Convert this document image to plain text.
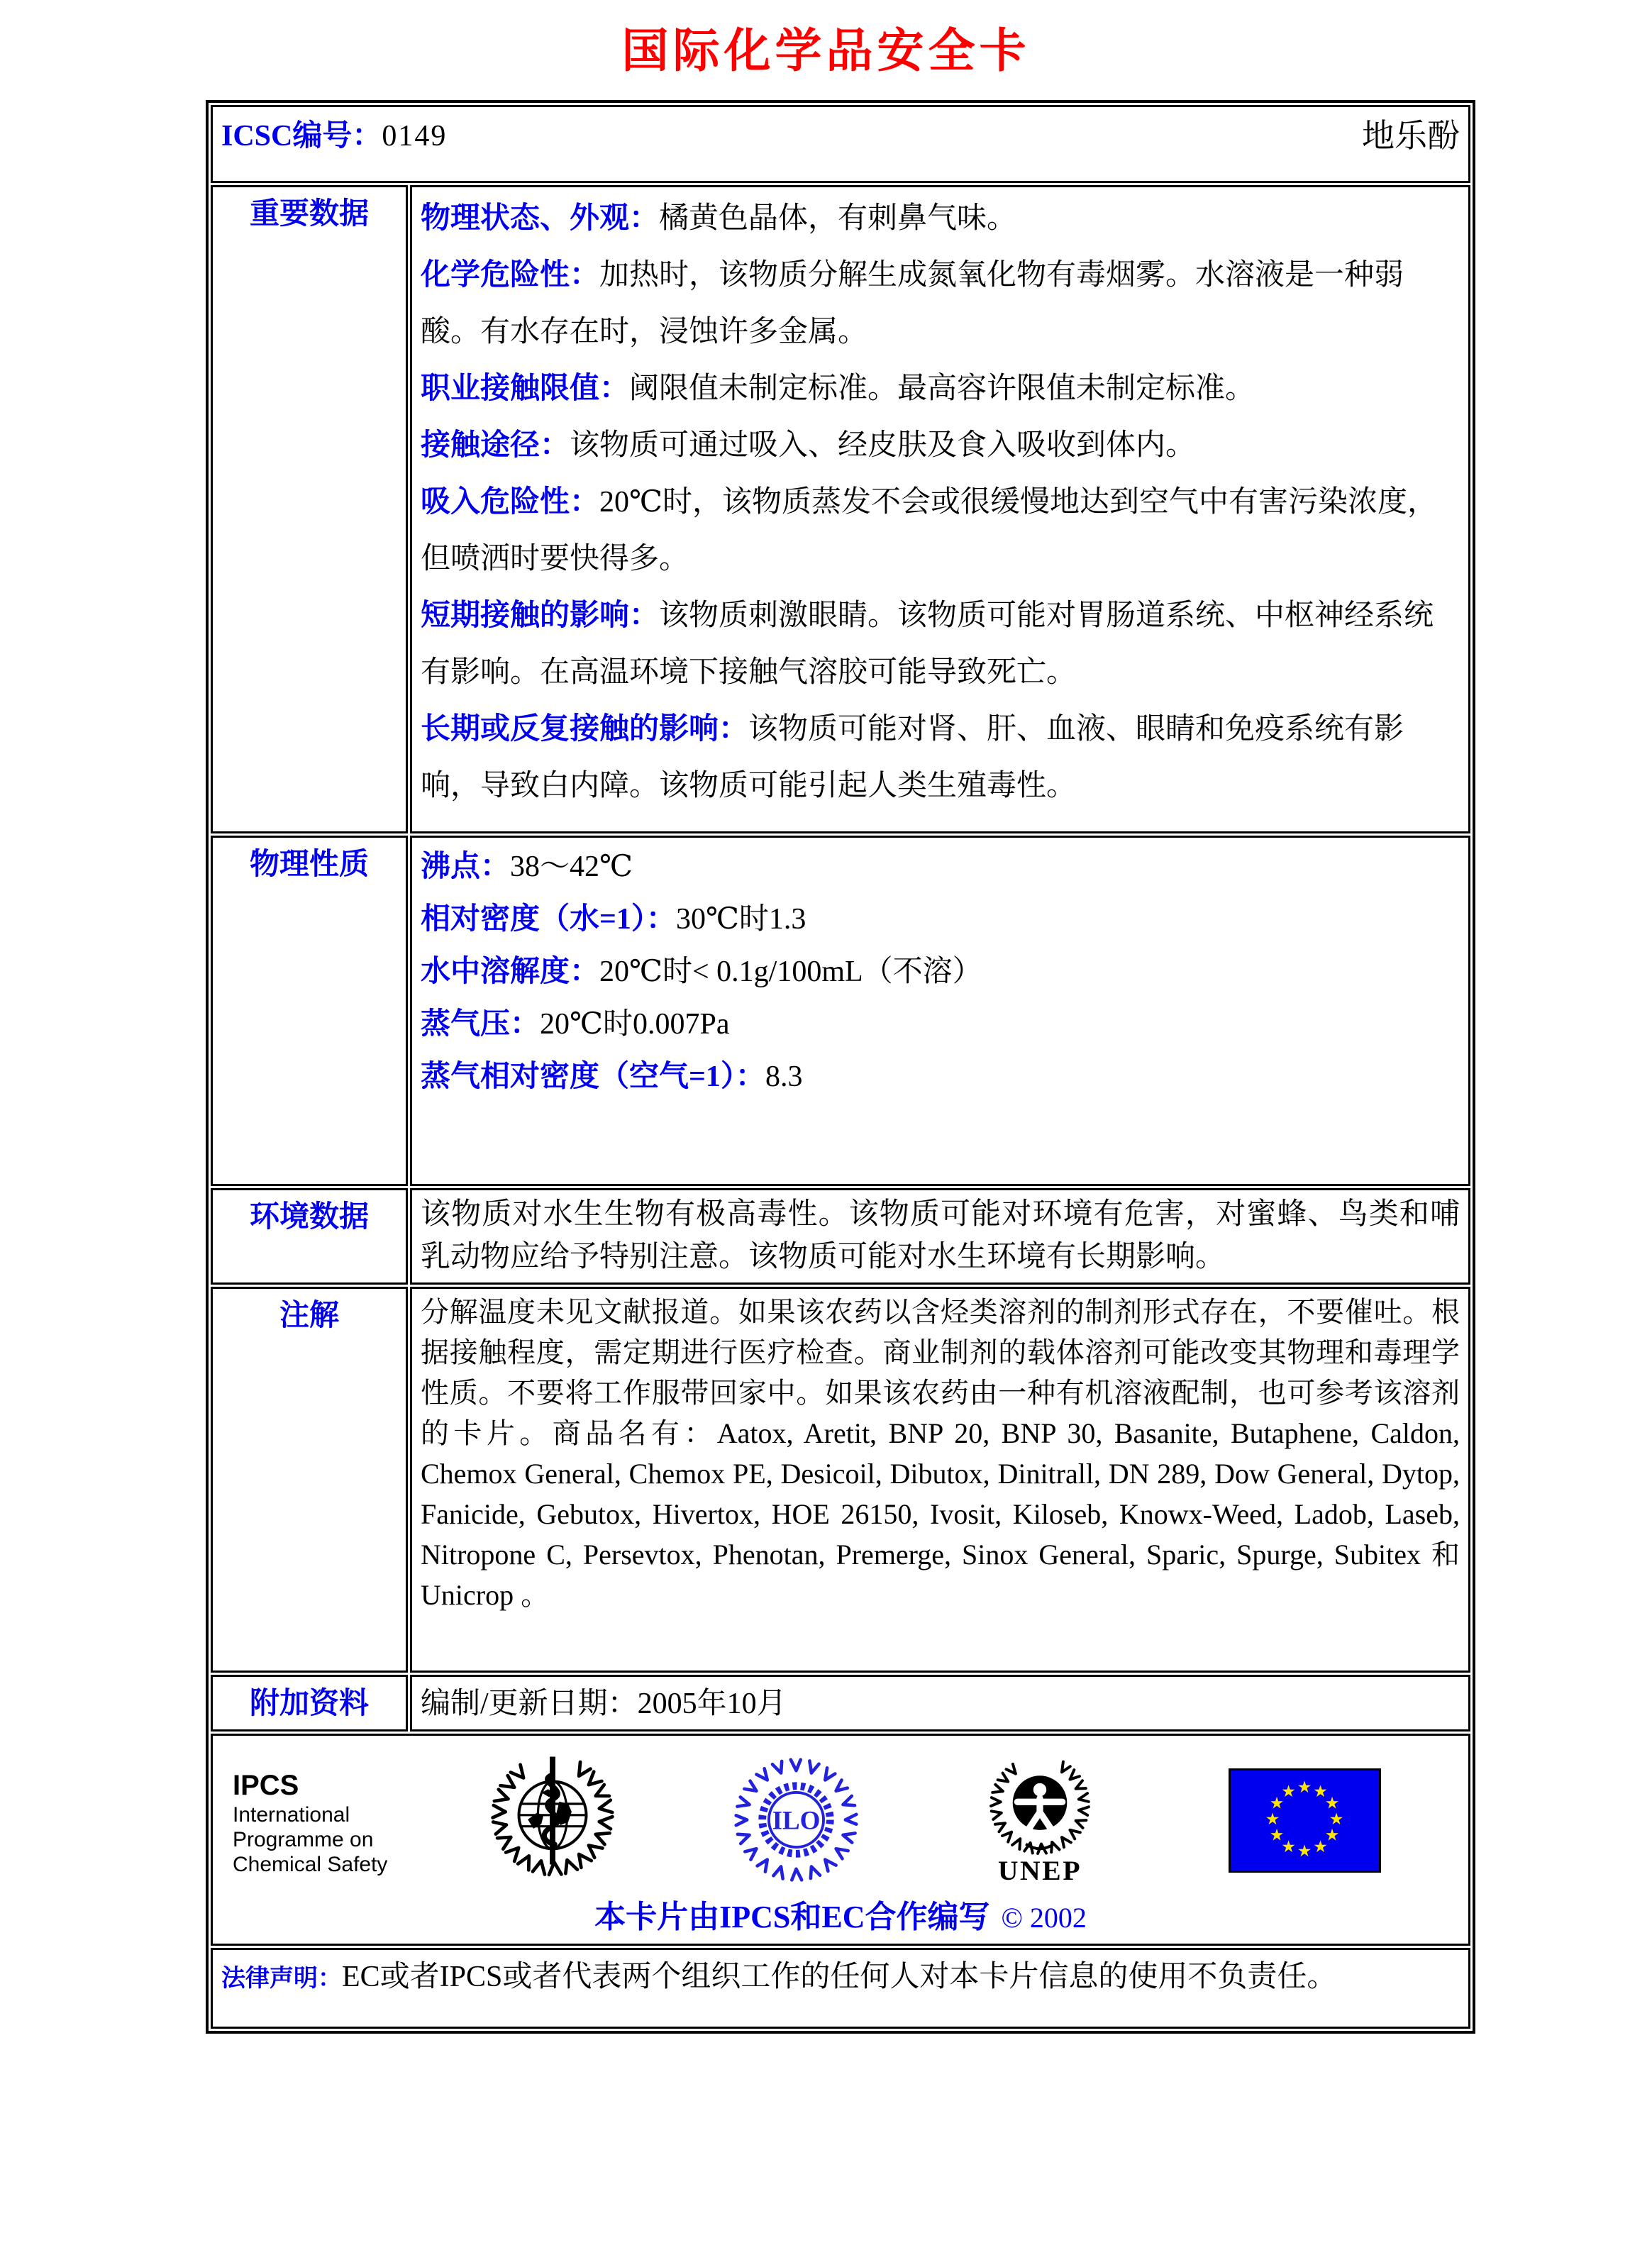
国际化学品安全卡
ICSC编号：0149 地乐酚	

重要数据	物理状态、外观：橘黄色晶体，有刺鼻气味。

化学危险性：加热时，该物质分解生成氮氧化物有毒烟雾。水溶液是一种弱酸。有水存在时，浸蚀许多金属。

职业接触限值：阈限值未制定标准。最高容许限值未制定标准。

接触途径：该物质可通过吸入、经皮肤及食入吸收到体内。

吸入危险性：20℃时，该物质蒸发不会或很缓慢地达到空气中有害污染浓度，但喷洒时要快得多。

短期接触的影响：该物质刺激眼睛。该物质可能对胃肠道系统、中枢神经系统有影响。在高温环境下接触气溶胶可能导致死亡。

长期或反复接触的影响：该物质可能对肾、肝、血液、眼睛和免疫系统有影响，导致白内障。该物质可能引起人类生殖毒性。

物理性质	沸点：38～42℃

相对密度（水=1）：30℃时1.3

水中溶解度：20℃时< 0.1g/100mL（不溶）

蒸气压：20℃时0.007Pa

蒸气相对密度（空气=1）：8.3

环境数据	该物质对水生生物有极高毒性。该物质可能对环境有危害，对蜜蜂、鸟类和哺乳动物应给予特别注意。该物质可能对水生环境有长期影响。

注解	分解温度未见文献报道。如果该农药以含烃类溶剂的制剂形式存在，不要催吐。根据接触程度，需定期进行医疗检查。商业制剂的载体溶剂可能改变其物理和毒理学性质。不要将工作服带回家中。如果该农药由一种有机溶液配制，也可参考该溶剂的卡片。商品名有：Aatox, Aretit, BNP 20, BNP 30, Basanite, Butaphene, Caldon, Chemox General, Chemox PE, Desicoil, Dibutox, Dinitrall, DN 289, Dow General, Dytop, Fanicide, Gebutox, Hivertox, HOE 26150, Ivosit, Kiloseb, Knowx-Weed, Ladob, Laseb, Nitropone C, Persevtox, Phenotan, Premerge, Sinox General, Sparic, Spurge, Subitex 和 Unicrop 。

附加资料	编制/更新日期：2005年10月

IPCS
International
Programme on
Chemical Safety
ILO
UNEP
★ ★
★
★
★
★
★
★
★
★
★
★
本卡片由IPCS和EC合作编写 © 2002

法律声明：EC或者IPCS或者代表两个组织工作的任何人对本卡片信息的使用不负责任。	
